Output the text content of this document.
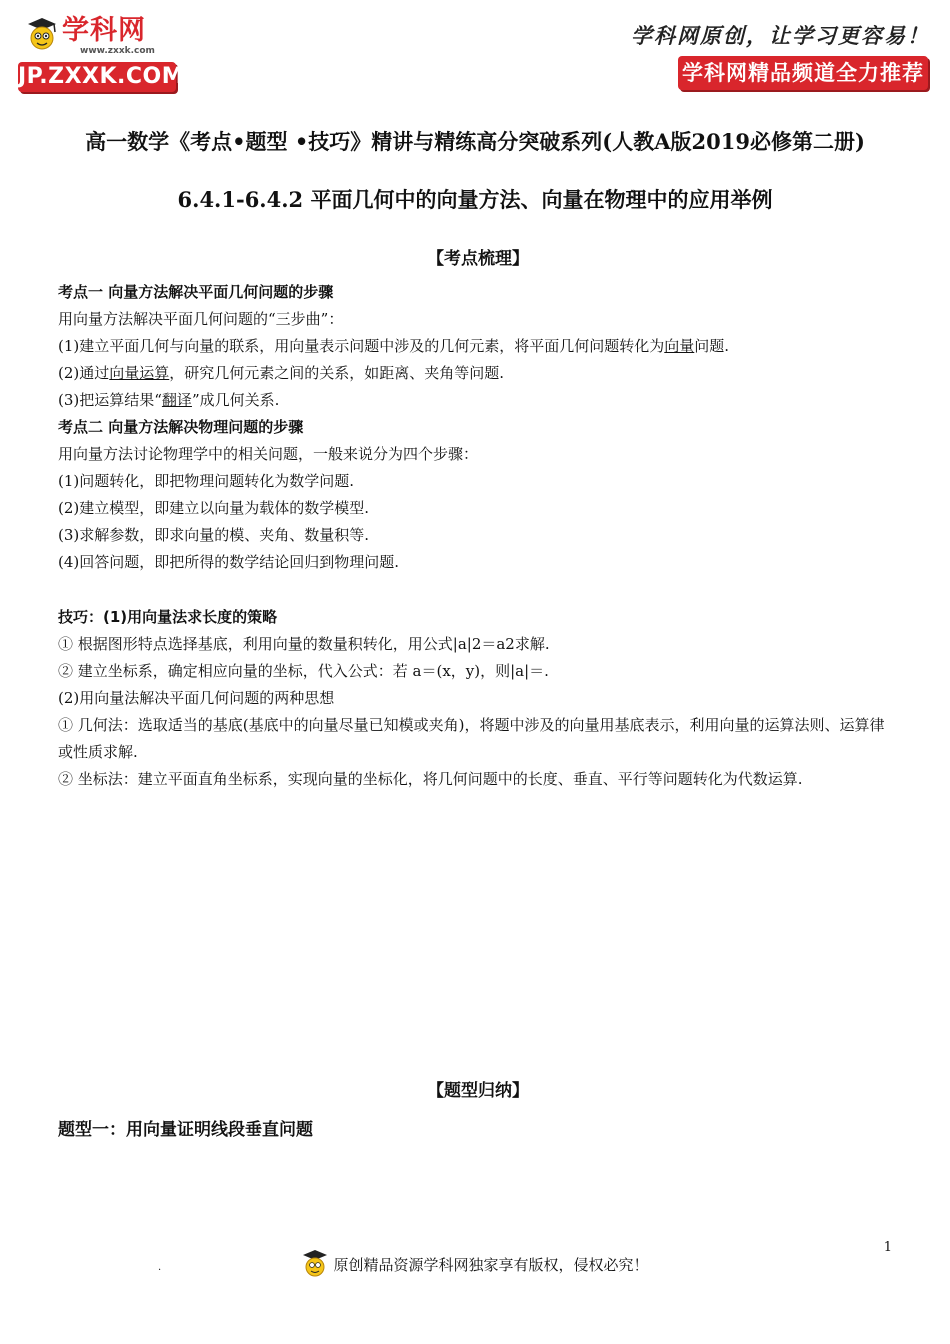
学科网
www.zxxk.com
JP.ZXXK.COM
学科网原创，让学习更容易！
学科网精品频道全力推荐
高一数学《考点•题型 •技巧》精讲与精练高分突破系列(人教A版2019必修第二册)
6.4.1-6.4.2 平面几何中的向量方法、向量在物理中的应用举例
【考点梳理】
考点一 向量方法解决平面几何问题的步骤

用向量方法解决平面几何问题的“三步曲”：

(1)建立平面几何与向量的联系，用向量表示问题中涉及的几何元素，将平面几何问题转化为向量问题.

(2)通过向量运算，研究几何元素之间的关系，如距离、夹角等问题.

(3)把运算结果“翻译”成几何关系.

考点二 向量方法解决物理问题的步骤

用向量方法讨论物理学中的相关问题，一般来说分为四个步骤：

(1)问题转化，即把物理问题转化为数学问题.

(2)建立模型，即建立以向量为载体的数学模型.

(3)求解参数，即求向量的模、夹角、数量积等.

(4)回答问题，即把所得的数学结论回归到物理问题.

技巧：(1)用向量法求长度的策略

① 根据图形特点选择基底，利用向量的数量积转化，用公式|a|2＝a2求解.

② 建立坐标系，确定相应向量的坐标，代入公式：若 a＝(x，y)，则|a|＝.

(2)用向量法解决平面几何问题的两种思想

① 几何法：选取适当的基底(基底中的向量尽量已知模或夹角)，将题中涉及的向量用基底表示，利用向量的运算法则、运算律或性质求解.

② 坐标法：建立平面直角坐标系，实现向量的坐标化，将几何问题中的长度、垂直、平行等问题转化为代数运算.

【题型归纳】
题型一：用向量证明线段垂直问题
1
.	原创精品资源学科网独家享有版权，侵权必究！
